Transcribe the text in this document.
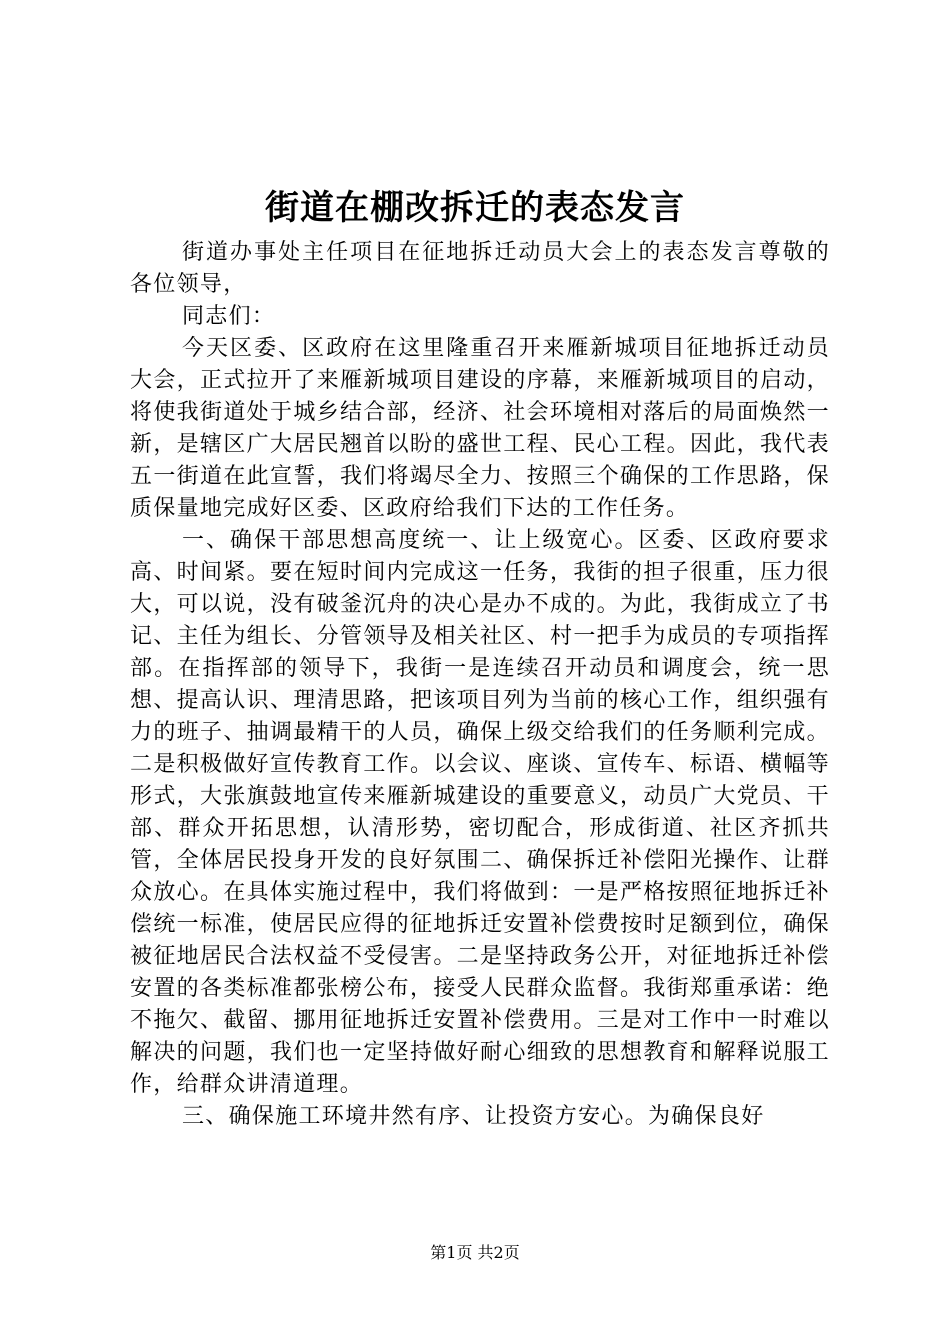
街道在棚改拆迁的表态发言

街道办事处主任项目在征地拆迁动员大会上的表态发言尊敬的各位领导，

同志们：

今天区委、区政府在这里隆重召开来雁新城项目征地拆迁动员大会，正式拉开了来雁新城项目建设的序幕，来雁新城项目的启动，将使我街道处于城乡结合部，经济、社会环境相对落后的局面焕然一新，是辖区广大居民翘首以盼的盛世工程、民心工程。因此，我代表五一街道在此宣誓，我们将竭尽全力、按照三个确保的工作思路，保质保量地完成好区委、区政府给我们下达的工作任务。

一、确保干部思想高度统一、让上级宽心。区委、区政府要求高、时间紧。要在短时间内完成这一任务，我街的担子很重，压力很大，可以说，没有破釜沉舟的决心是办不成的。为此，我街成立了书记、主任为组长、分管领导及相关社区、村一把手为成员的专项指挥部。在指挥部的领导下，我街一是连续召开动员和调度会，统一思想、提高认识、理清思路，把该项目列为当前的核心工作，组织强有力的班子、抽调最精干的人员，确保上级交给我们的任务顺利完成。二是积极做好宣传教育工作。以会议、座谈、宣传车、标语、横幅等形式，大张旗鼓地宣传来雁新城建设的重要意义，动员广大党员、干部、群众开拓思想，认清形势，密切配合，形成街道、社区齐抓共管，全体居民投身开发的良好氛围二、确保拆迁补偿阳光操作、让群众放心。在具体实施过程中，我们将做到：一是严格按照征地拆迁补偿统一标准，使居民应得的征地拆迁安置补偿费按时足额到位，确保被征地居民合法权益不受侵害。二是坚持政务公开，对征地拆迁补偿安置的各类标准都张榜公布，接受人民群众监督。我街郑重承诺：绝不拖欠、截留、挪用征地拆迁安置补偿费用。三是对工作中一时难以解决的问题，我们也一定坚持做好耐心细致的思想教育和解释说服工作，给群众讲清道理。

三、确保施工环境井然有序、让投资方安心。为确保良好

第1页 共2页
